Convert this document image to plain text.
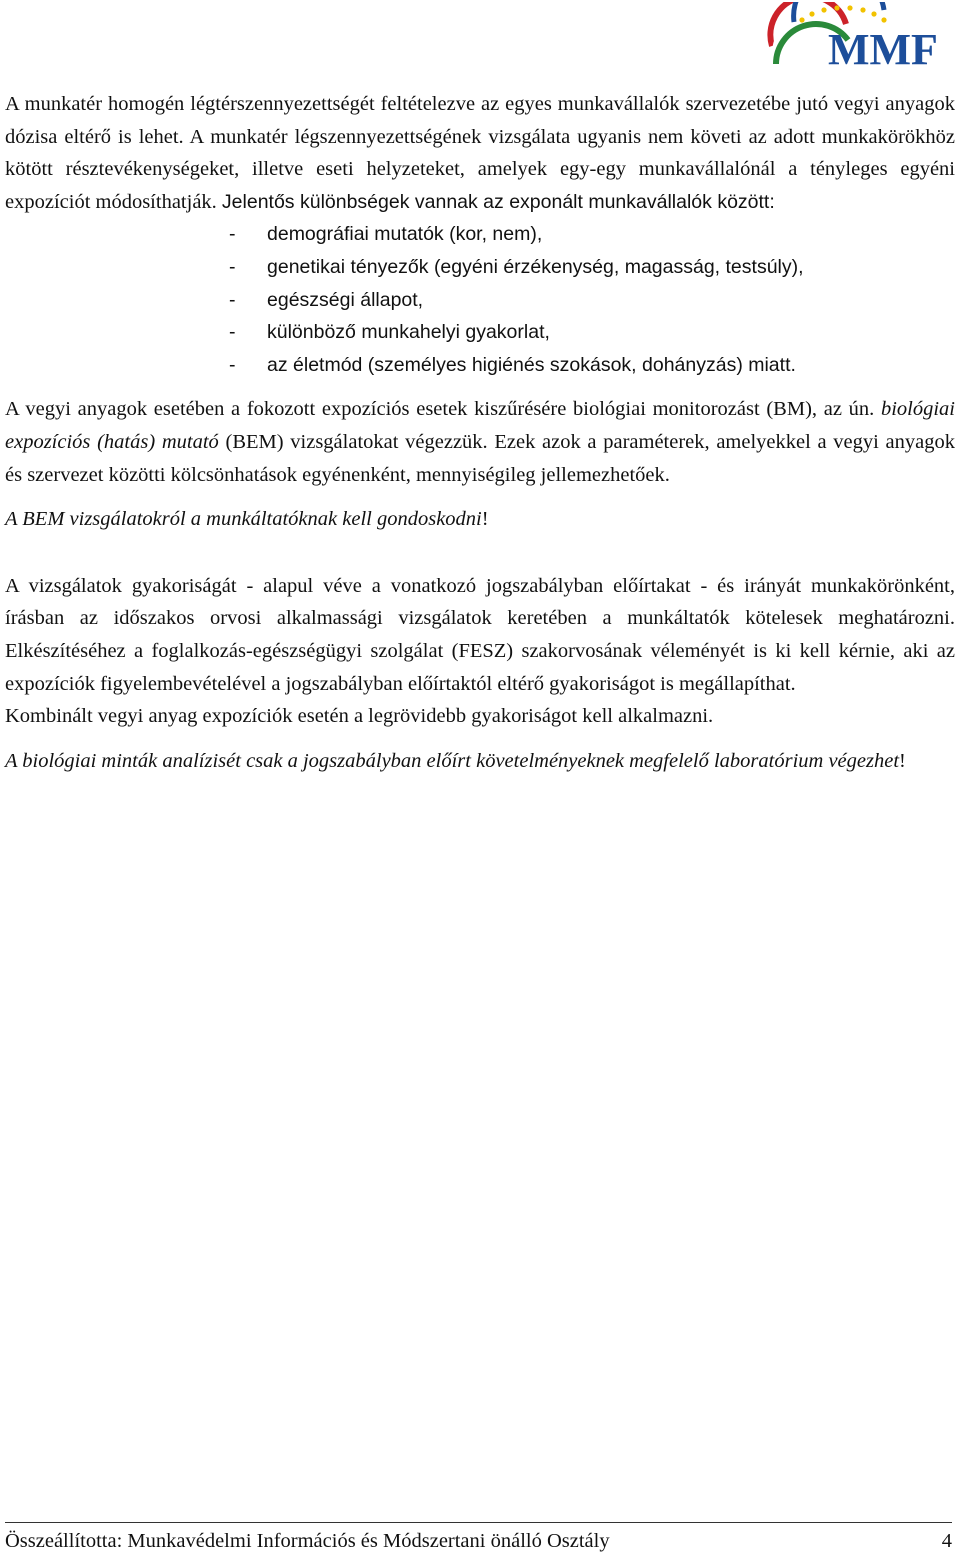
MMF

A munkatér homogén légtérszennyezettségét feltételezve az egyes munkavállalók szervezetébe jutó vegyi anyagok dózisa eltérő is lehet. A munkatér légszennyezettségének vizsgálata ugyanis nem követi az adott munkakörökhöz kötött résztevékenységeket, illetve eseti helyzeteket, amelyek egy-egy munkavállalónál a tényleges egyéni expozíciót módosíthatják. Jelentős különbségek vannak az exponált munkavállalók között:

- demográfiai mutatók (kor, nem),
- genetikai tényezők (egyéni érzékenység, magasság, testsúly),
- egészségi állapot,
- különböző munkahelyi gyakorlat,
- az életmód (személyes higiénés szokások, dohányzás) miatt.

A vegyi anyagok esetében a fokozott expozíciós esetek kiszűrésére biológiai monitorozást (BM), az ún. biológiai expozíciós (hatás) mutató (BEM) vizsgálatokat végezzük. Ezek azok a paraméterek, amelyekkel a vegyi anyagok és szervezet közötti kölcsönhatások egyénenként, mennyiségileg jellemezhetőek.

A BEM vizsgálatokról a munkáltatóknak kell gondoskodni!

A vizsgálatok gyakoriságát - alapul véve a vonatkozó jogszabályban előírtakat - és irányát munkakörönként, írásban az időszakos orvosi alkalmassági vizsgálatok keretében a munkáltatók kötelesek meghatározni. Elkészítéséhez a foglalkozás-egészségügyi szolgálat (FESZ) szakorvosának véleményét is ki kell kérnie, aki az expozíciók figyelembevételével a jogszabályban előírtaktól eltérő gyakoriságot is megállapíthat.

Kombinált vegyi anyag expozíciók esetén a legrövidebb gyakoriságot kell alkalmazni.

A biológiai minták analízisét csak a jogszabályban előírt követelményeknek megfelelő laboratórium végezhet!

Összeállította: Munkavédelmi Információs és Módszertani önálló Osztály	4
